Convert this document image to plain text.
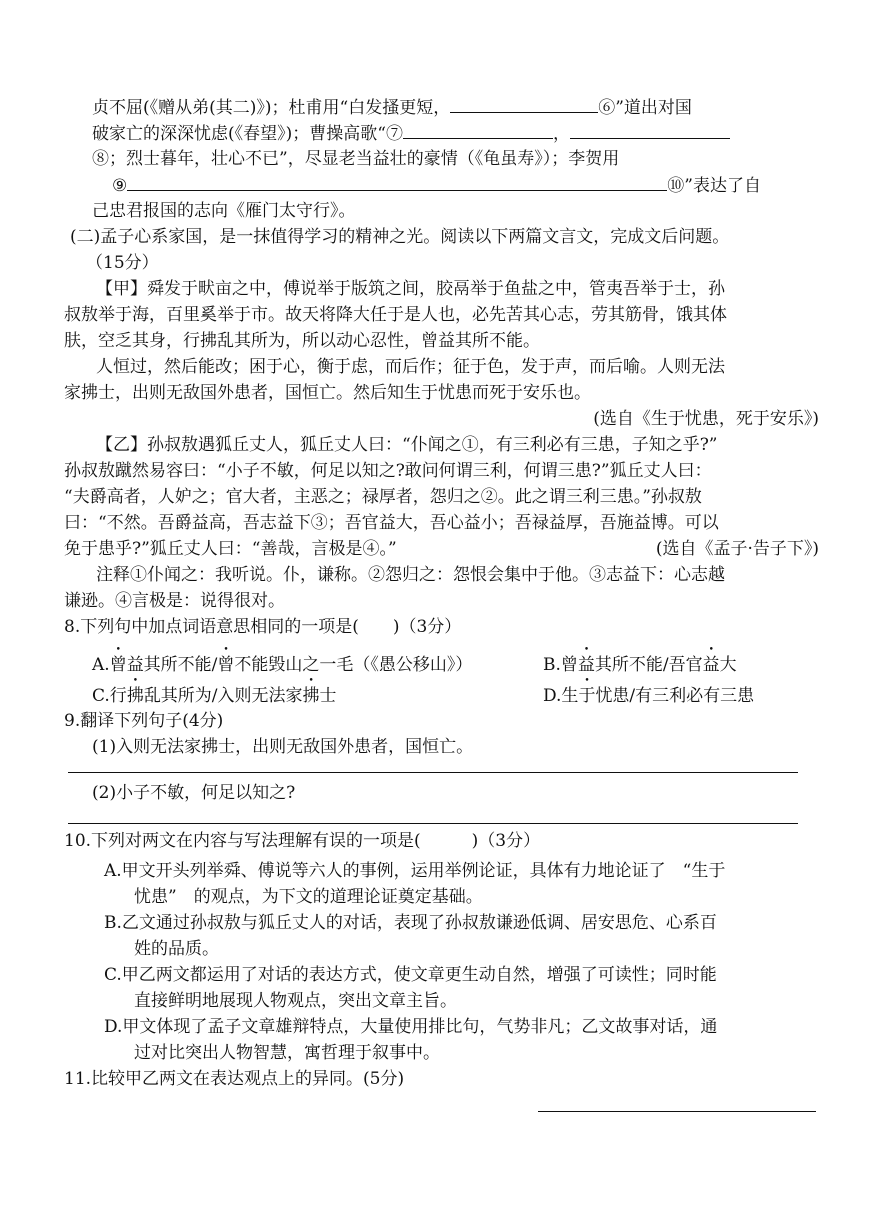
贞不屈(《赠从弟(其二)》)；杜甫用“白发搔更短，	⑥”道出对国
破家亡的深深忧虑(《春望》)；曹操高歌“⑦	，
⑧；烈士暮年，壮心不已”，尽显老当益壮的豪情（《龟虽寿》）；李贺用
⑨	⑩”表达了自
己忠君报国的志向《雁门太守行》。
(二)孟子心系家国，是一抹值得学习的精神之光。阅读以下两篇文言文，完成文后问题。
（15分）
【甲】舜发于畎亩之中，傅说举于版筑之间，胶鬲举于鱼盐之中，管夷吾举于士，孙
叔敖举于海，百里奚举于市。故天将降大任于是人也，必先苦其心志，劳其筋骨，饿其体
肤，空乏其身，行拂乱其所为，所以动心忍性，曾益其所不能。
人恒过，然后能改；困于心，衡于虑，而后作；征于色，发于声，而后喻。人则无法
家拂士，出则无敌国外患者，国恒亡。然后知生于忧患而死于安乐也。
(选自《生于忧患，死于安乐》)
【乙】孙叔敖遇狐丘丈人，狐丘丈人曰：“仆闻之①，有三利必有三患，子知之乎?”
孙叔敖蹴然易容曰：“小子不敏，何足以知之?敢问何谓三利，何谓三患?”狐丘丈人曰：
“夫爵高者，人妒之；官大者，主恶之；禄厚者，怨归之②。此之谓三利三患。”孙叔敖
曰：“不然。吾爵益高，吾志益下③；吾官益大，吾心益小；吾禄益厚，吾施益博。可以
免于患乎?”狐丘丈人曰：“善哉，言极是④。”	(选自《孟子·告子下》)
注释①仆闻之：我听说。仆，谦称。②怨归之：怨恨会集中于他。③志益下：心志越
谦逊。④言极是：说得很对。
8.下列句中加点词语意思相同的一项是(　　)（3分）
A.曾益其所不能/曾不能毁山之一毛（《愚公移山》）	B.曾益其所不能/吾官益大
C.行拂乱其所为/入则无法家拂士	D.生于忧患/有三利必有三患
9.翻译下列句子(4分)
(1)入则无法家拂士，出则无敌国外患者，国恒亡。
(2)小子不敏，何足以知之?
10.下列对两文在内容与写法理解有误的一项是(　　　)（3分）
A.甲文开头列举舜、傅说等六人的事例，运用举例论证，具体有力地论证了　“生于
忧患”　的观点，为下文的道理论证奠定基础。
B.乙文通过孙叔敖与狐丘丈人的对话，表现了孙叔敖谦逊低调、居安思危、心系百
姓的品质。
C.甲乙两文都运用了对话的表达方式，使文章更生动自然，增强了可读性；同时能
直接鲜明地展现人物观点，突出文章主旨。
D.甲文体现了孟子文章雄辩特点，大量使用排比句，气势非凡；乙文故事对话，通
过对比突出人物智慧，寓哲理于叙事中。
11.比较甲乙两文在表达观点上的异同。(5分)
